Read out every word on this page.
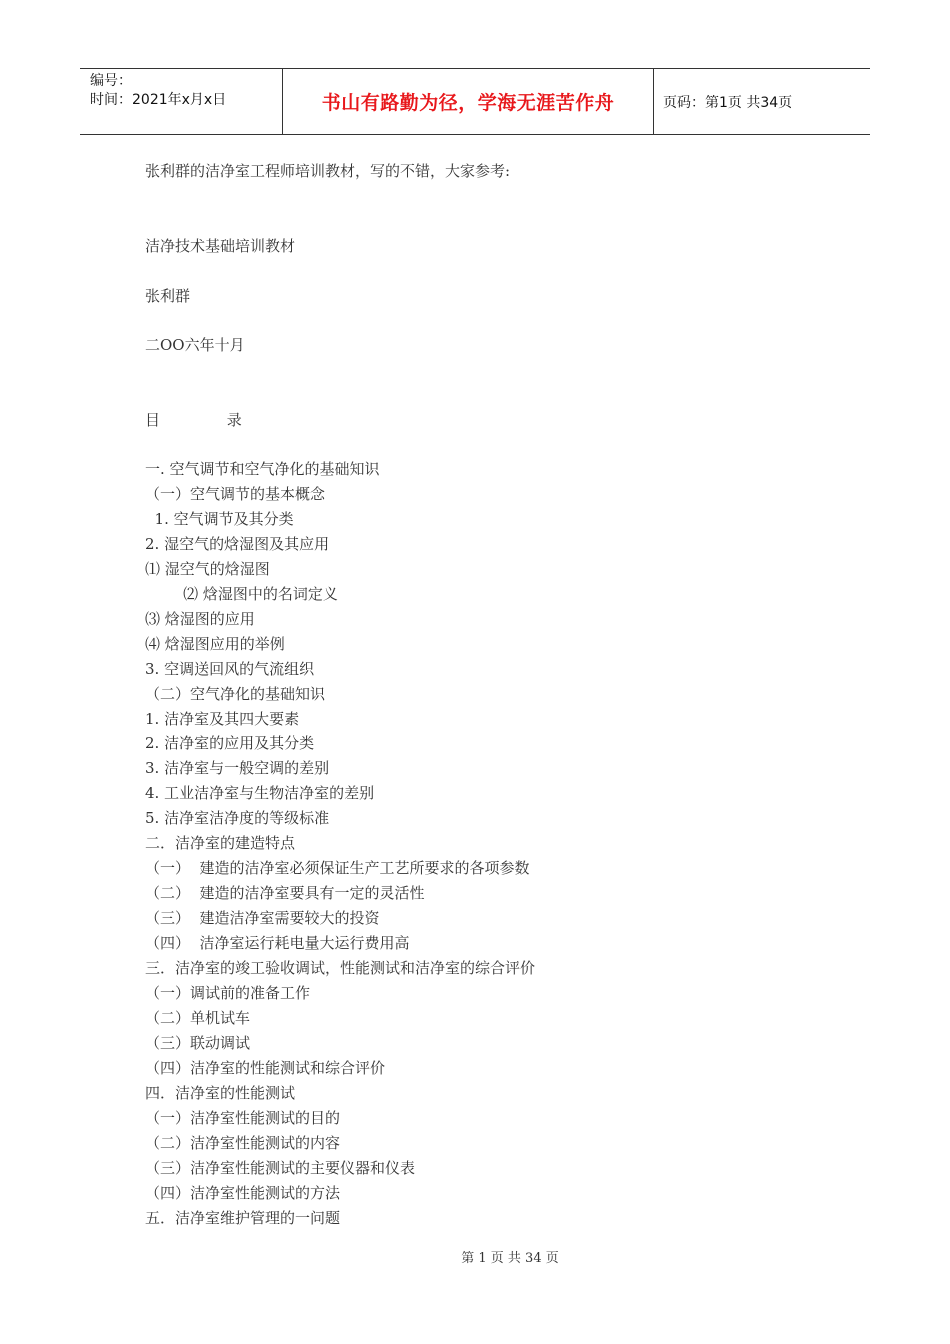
编号：
时间：2021年x月x日	书山有路勤为径，学海无涯苦作舟	页码：第1页 共34页
张利群的洁净室工程师培训教材，写的不错，大家参考:
洁净技术基础培训教材
张利群
二OO六年十月
目              录
一. 空气调节和空气净化的基础知识
（一）空气调节的基本概念
1. 空气调节及其分类
2. 湿空气的焓湿图及其应用
⑴ 湿空气的焓湿图
⑵ 焓湿图中的名词定义
⑶ 焓湿图的应用
⑷ 焓湿图应用的举例
3. 空调送回风的气流组织
（二）空气净化的基础知识
1. 洁净室及其四大要素
2. 洁净室的应用及其分类
3. 洁净室与一般空调的差别
4. 工业洁净室与生物洁净室的差别
5. 洁净室洁净度的等级标准
二．洁净室的建造特点
（一）  建造的洁净室必须保证生产工艺所要求的各项参数
（二）  建造的洁净室要具有一定的灵活性
（三）  建造洁净室需要较大的投资
（四）  洁净室运行耗电量大运行费用高
三．洁净室的竣工验收调试，性能测试和洁净室的综合评价
（一）调试前的准备工作
（二）单机试车
（三）联动调试
（四）洁净室的性能测试和综合评价
四．洁净室的性能测试
（一）洁净室性能测试的目的
（二）洁净室性能测试的内容
（三）洁净室性能测试的主要仪器和仪表
（四）洁净室性能测试的方法
五．洁净室维护管理的一问题
第 1 页 共 34 页
